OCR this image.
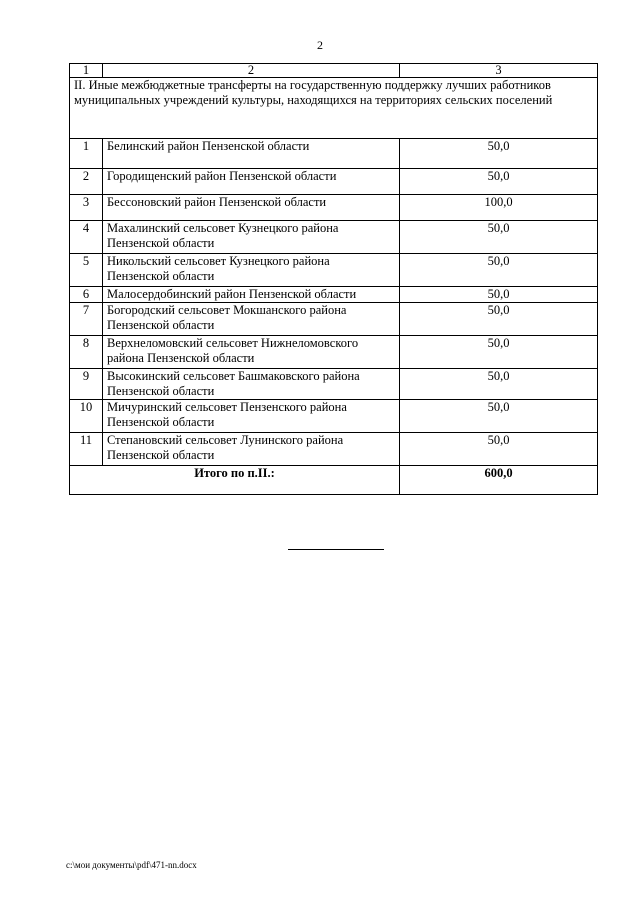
2
1	2	3
II. Иные межбюджетные трансферты на государственную поддержку лучших работников муниципальных учреждений культуры, находящихся на территориях сельских поселений		
1	Белинский район Пензенской области	50,0
2	Городищенский район Пензенской области	50,0
3	Бессоновский район Пензенской области	100,0
4	Махалинский сельсовет Кузнецкого района Пензенской области	50,0
5	Никольский сельсовет Кузнецкого района Пензенской области	50,0
6	Малосердобинский район Пензенской области	50,0
7	Богородский сельсовет Мокшанского района Пензенской области	50,0
8	Верхнеломовский сельсовет Нижнеломовского района Пензенской области	50,0
9	Высокинский сельсовет Башмаковского района Пензенской области	50,0
10	Мичуринский сельсовет Пензенского района Пензенской области	50,0
11	Степановский сельсовет Лунинского района Пензенской области	50,0
Итого по п.II.:		600,0
c:\мои документы\pdf\471-nn.docx
